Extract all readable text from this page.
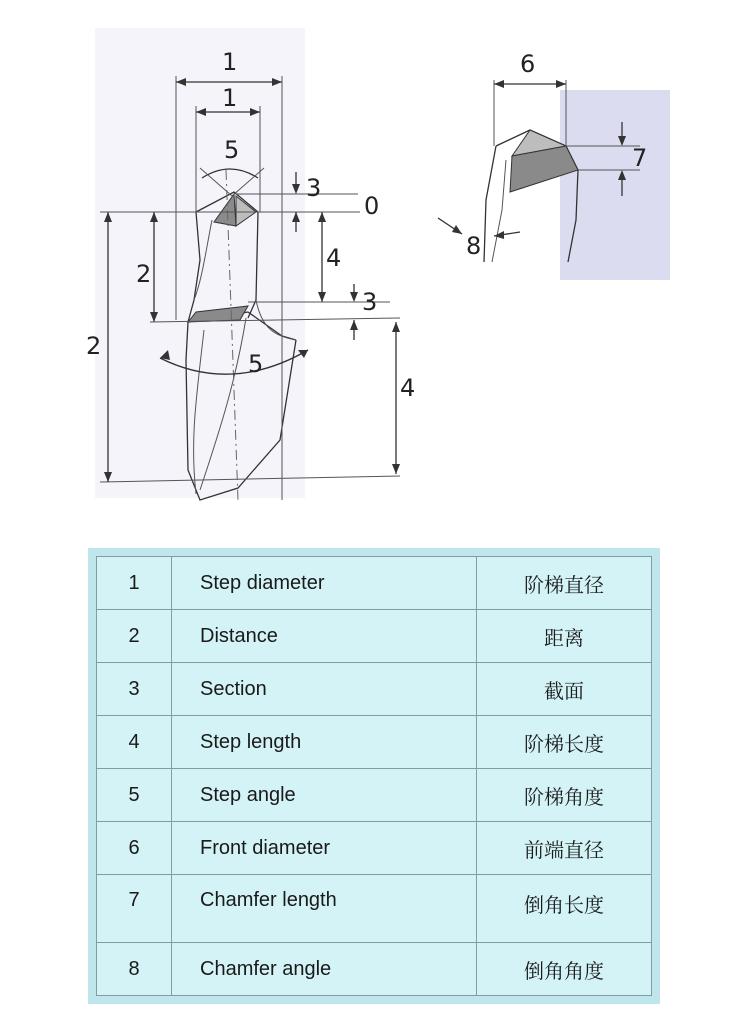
1
1
5
0
3
4
2
3
5
4
2
6
7
8
1	Step diameter	阶梯直径
2	Distance	距离
3	Section	截面
4	Step length	阶梯长度
5	Step angle	阶梯角度
6	Front diameter	前端直径
7	Chamfer length	倒角长度
8	Chamfer angle	倒角角度
